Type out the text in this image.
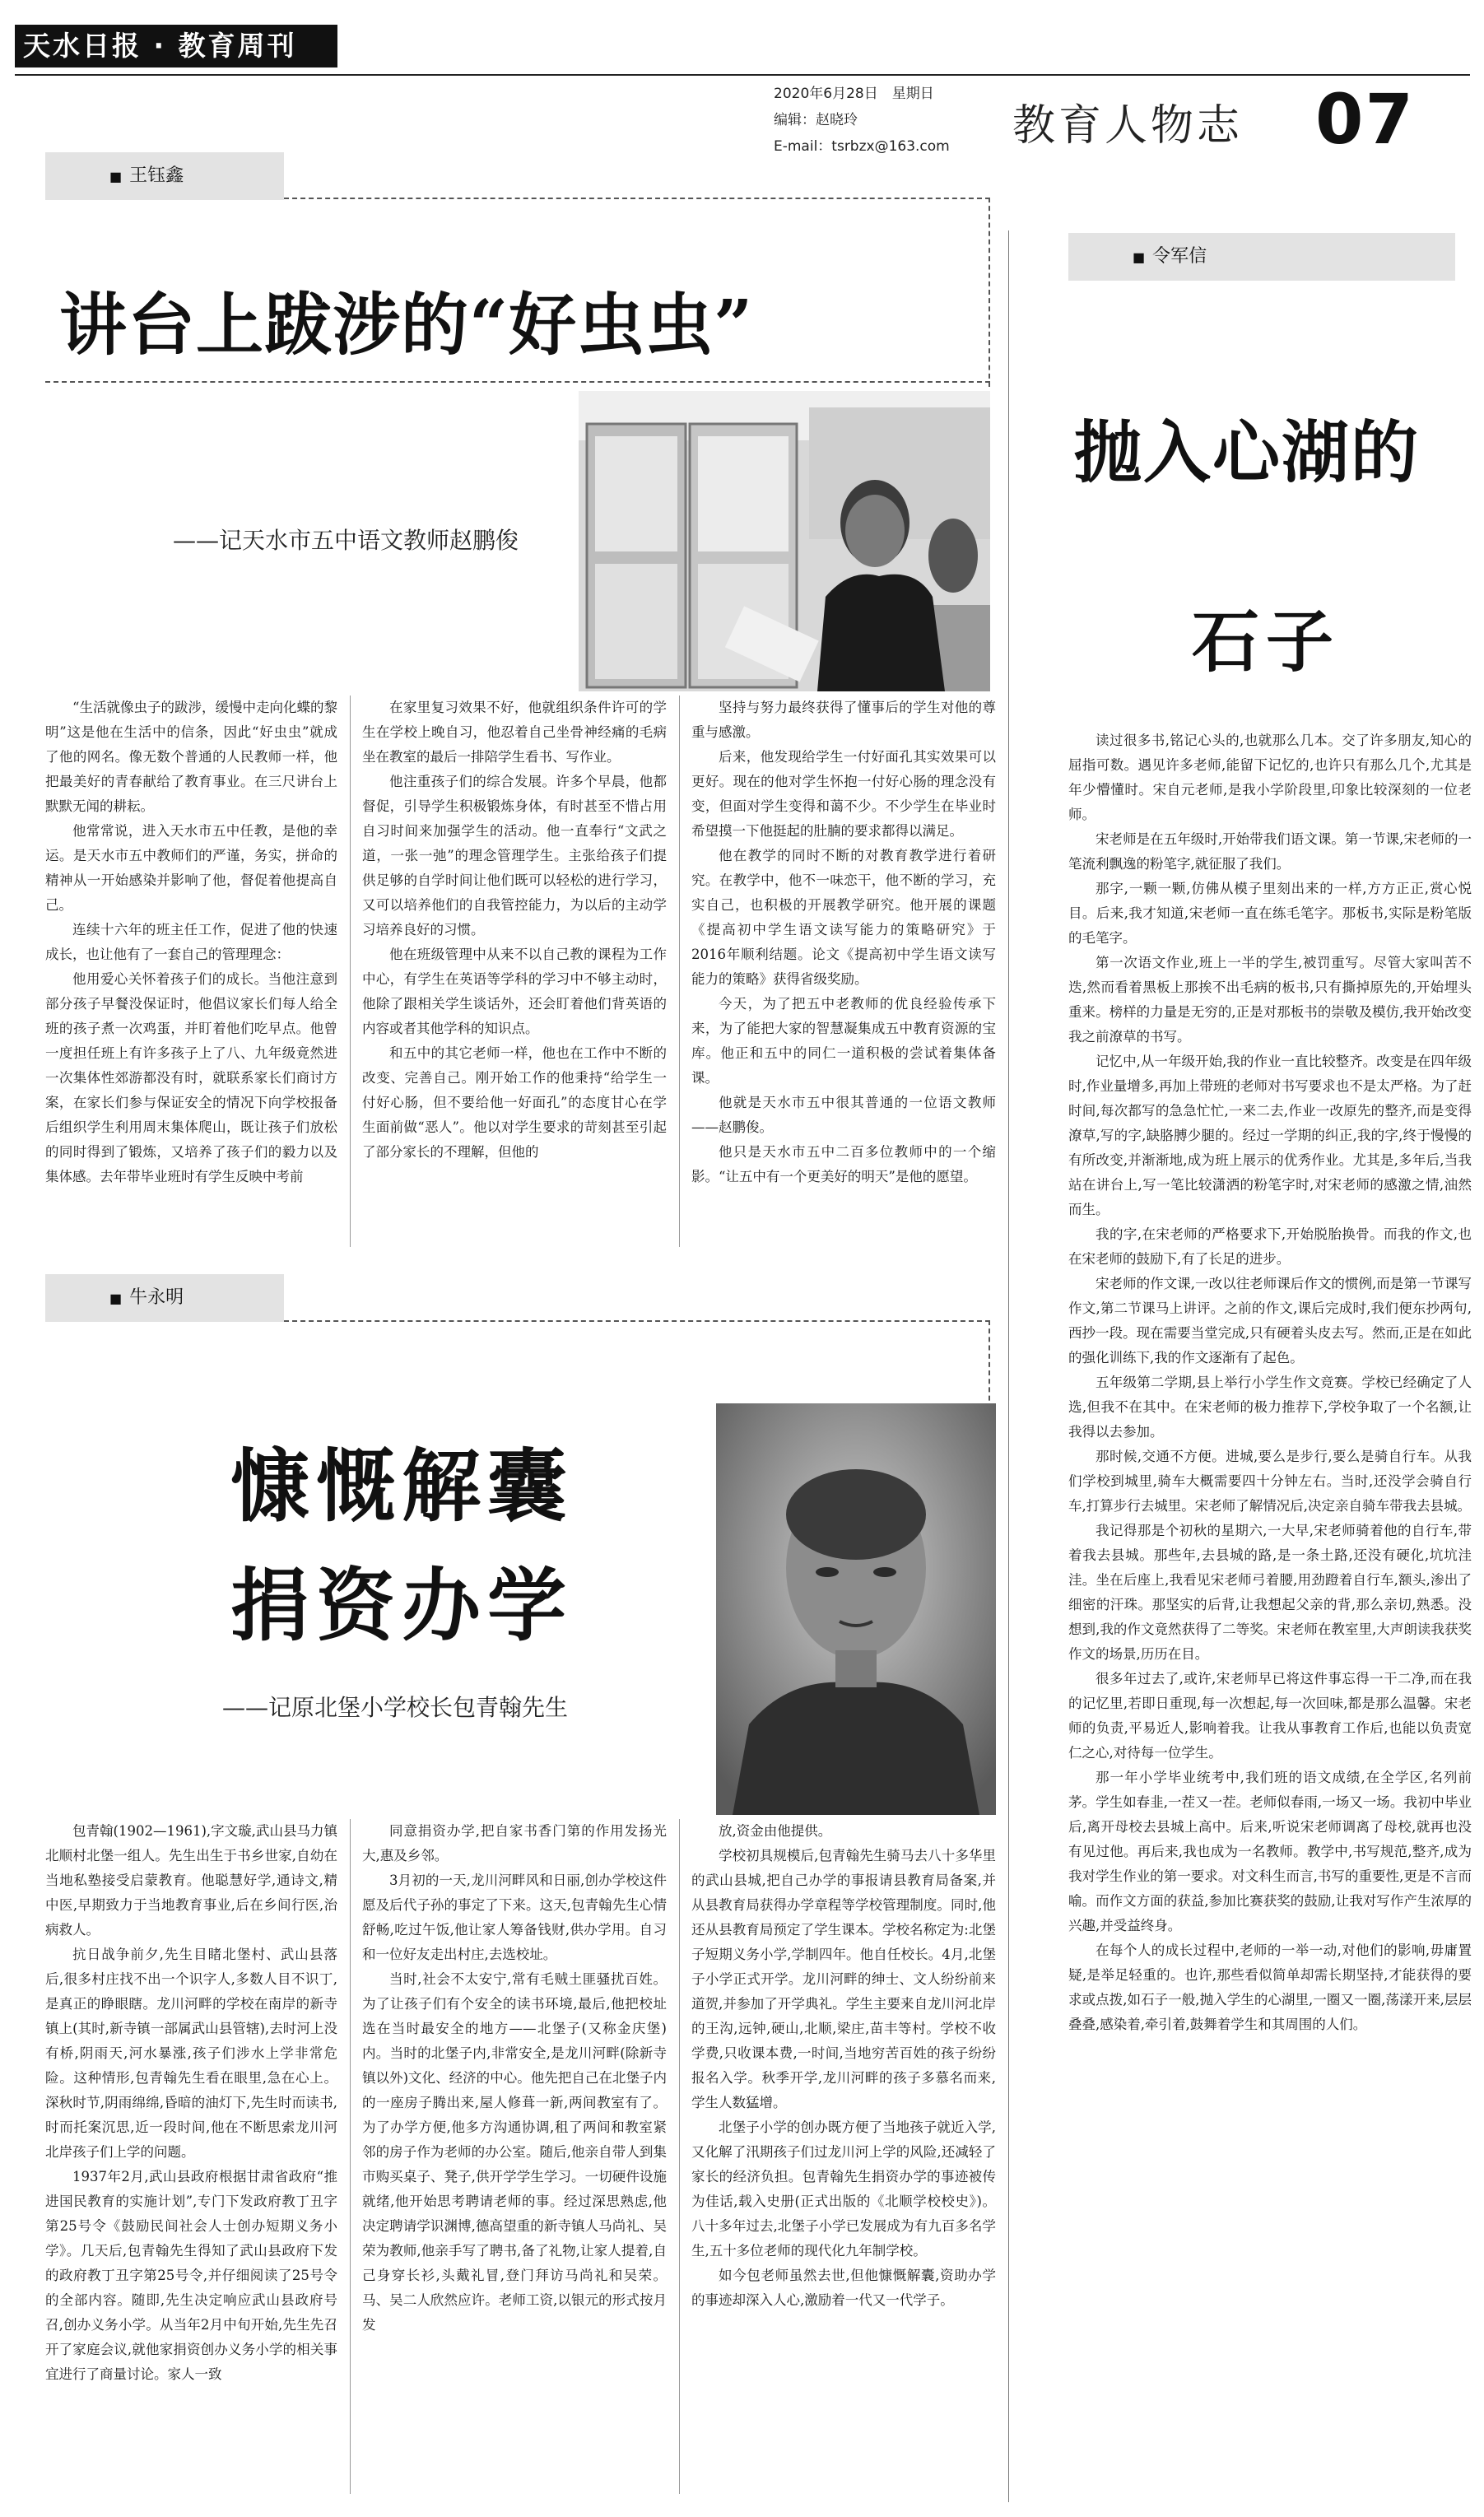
天水日报 · 教育周刊
2020年6月28日　星期日
编辑：赵晓玲
E-mail：tsrbzx@163.com 教育人物志 07
■ 王钰鑫
讲台上跋涉的“好虫虫”
——记天水市五中语文教师赵鹏俊

“生活就像虫子的跋涉，缓慢中走向化蝶的黎明”这是他在生活中的信条，因此“好虫虫”就成了他的网名。像无数个普通的人民教师一样，他把最美好的青春献给了教育事业。在三尺讲台上默默无闻的耕耘。

他常常说，进入天水市五中任教，是他的幸运。是天水市五中教师们的严谨，务实，拼命的精神从一开始感染并影响了他，督促着他提高自己。

连续十六年的班主任工作，促进了他的快速成长，也让他有了一套自己的管理理念：

他用爱心关怀着孩子们的成长。当他注意到部分孩子早餐没保证时，他倡议家长们每人给全班的孩子煮一次鸡蛋，并盯着他们吃早点。他曾一度担任班上有许多孩子上了八、九年级竟然进一次集体性郊游都没有时，就联系家长们商讨方案，在家长们参与保证安全的情况下向学校报备后组织学生利用周末集体爬山，既让孩子们放松的同时得到了锻炼，又培养了孩子们的毅力以及集体感。去年带毕业班时有学生反映中考前

在家里复习效果不好，他就组织条件许可的学生在学校上晚自习，他忍着自己坐骨神经痛的毛病坐在教室的最后一排陪学生看书、写作业。

他注重孩子们的综合发展。许多个早晨，他都督促，引导学生积极锻炼身体，有时甚至不惜占用自习时间来加强学生的活动。他一直奉行“文武之道，一张一弛”的理念管理学生。主张给孩子们提供足够的自学时间让他们既可以轻松的进行学习，又可以培养他们的自我管控能力，为以后的主动学习培养良好的习惯。

他在班级管理中从来不以自己教的课程为工作中心，有学生在英语等学科的学习中不够主动时，他除了跟相关学生谈话外，还会盯着他们背英语的内容或者其他学科的知识点。

和五中的其它老师一样，他也在工作中不断的改变、完善自己。刚开始工作的他秉持“给学生一付好心肠，但不要给他一好面孔”的态度甘心在学生面前做“恶人”。他以对学生要求的苛刻甚至引起了部分家长的不理解，但他的

坚持与努力最终获得了懂事后的学生对他的尊重与感激。

后来，他发现给学生一付好面孔其实效果可以更好。现在的他对学生怀抱一付好心肠的理念没有变，但面对学生变得和蔼不少。不少学生在毕业时希望摸一下他挺起的肚腩的要求都得以满足。

他在教学的同时不断的对教育教学进行着研究。在教学中，他不一味恋干，他不断的学习，充实自己，也积极的开展教学研究。他开展的课题《提高初中学生语文读写能力的策略研究》于2016年顺利结题。论文《提高初中学生语文读写能力的策略》获得省级奖励。

今天，为了把五中老教师的优良经验传承下来，为了能把大家的智慧凝集成五中教育资源的宝库。他正和五中的同仁一道积极的尝试着集体备课。

他就是天水市五中很其普通的一位语文教师——赵鹏俊。

他只是天水市五中二百多位教师中的一个缩影。“让五中有一个更美好的明天”是他的愿望。

■ 牛永明
慷慨解囊
捐资办学
——记原北堡小学校长包青翰先生

包青翰(1902—1961),字文璇,武山县马力镇北顺村北堡一组人。先生出生于书乡世家,自幼在当地私塾接受启蒙教育。他聪慧好学,通诗文,精中医,早期致力于当地教育事业,后在乡间行医,治病救人。

抗日战争前夕,先生目睹北堡村、武山县落后,很多村庄找不出一个识字人,多数人目不识丁,是真正的睁眼瞎。龙川河畔的学校在南岸的新寺镇上(其时,新寺镇一部属武山县管辖),去时河上没有桥,阴雨天,河水暴涨,孩子们涉水上学非常危险。这种情形,包青翰先生看在眼里,急在心上。深秋时节,阴雨绵绵,昏暗的油灯下,先生时而读书,时而托案沉思,近一段时间,他在不断思索龙川河北岸孩子们上学的问题。

1937年2月,武山县政府根据甘肃省政府“推进国民教育的实施计划”,专门下发政府教丁丑字第25号令《鼓励民间社会人士创办短期义务小学》。几天后,包青翰先生得知了武山县政府下发的政府教丁丑字第25号令,并仔细阅读了25号令的全部内容。随即,先生决定响应武山县政府号召,创办义务小学。从当年2月中旬开始,先生先召开了家庭会议,就他家捐资创办义务小学的相关事宜进行了商量讨论。家人一致

同意捐资办学,把自家书香门第的作用发扬光大,惠及乡邻。

3月初的一天,龙川河畔风和日丽,创办学校这件愿及后代子孙的事定了下来。这天,包青翰先生心情舒畅,吃过午饭,他让家人筹备钱财,供办学用。自习和一位好友走出村庄,去选校址。

当时,社会不太安宁,常有毛贼土匪骚扰百姓。为了让孩子们有个安全的读书环境,最后,他把校址选在当时最安全的地方——北堡子(又称金庆堡)内。当时的北堡子内,非常安全,是龙川河畔(除新寺镇以外)文化、经济的中心。他先把自己在北堡子内的一座房子腾出来,屋人修葺一新,两间教室有了。为了办学方便,他多方沟通协调,租了两间和教室紧邻的房子作为老师的办公室。随后,他亲自带人到集市购买桌子、凳子,供开学学生学习。一切硬件设施就绪,他开始思考聘请老师的事。经过深思熟虑,他决定聘请学识渊博,德高望重的新寺镇人马尚礼、吴荣为教师,他亲手写了聘书,备了礼物,让家人提着,自己身穿长衫,头戴礼冒,登门拜访马尚礼和吴荣。马、吴二人欣然应许。老师工资,以银元的形式按月发

放,资金由他提供。

学校初具规模后,包青翰先生骑马去八十多华里的武山县城,把自己办学的事报请县教育局备案,并从县教育局获得办学章程等学校管理制度。同时,他还从县教育局预定了学生课本。学校名称定为:北堡子短期义务小学,学制四年。他自任校长。4月,北堡子小学正式开学。龙川河畔的绅士、文人纷纷前来道贺,并参加了开学典礼。学生主要来自龙川河北岸的王沟,远钟,硬山,北顺,梁庄,苗丰等村。学校不收学费,只收课本费,一时间,当地穷苦百姓的孩子纷纷报名入学。秋季开学,龙川河畔的孩子多慕名而来,学生人数猛增。

北堡子小学的创办既方便了当地孩子就近入学,又化解了汛期孩子们过龙川河上学的风险,还减轻了家长的经济负担。包青翰先生捐资办学的事迹被传为佳话,载入史册(正式出版的《北顺学校校史》)。八十多年过去,北堡子小学已发展成为有九百多名学生,五十多位老师的现代化九年制学校。

如今包老师虽然去世,但他慷慨解囊,资助办学的事迹却深入人心,激励着一代又一代学子。

■ 令军信
抛入心湖的
石子

读过很多书,铭记心头的,也就那么几本。交了许多朋友,知心的屈指可数。遇见许多老师,能留下记忆的,也许只有那么几个,尤其是年少懵懂时。宋自元老师,是我小学阶段里,印象比较深刻的一位老师。

宋老师是在五年级时,开始带我们语文课。第一节课,宋老师的一笔流利飘逸的粉笔字,就征服了我们。

那字,一颗一颗,仿佛从模子里刻出来的一样,方方正正,赏心悦目。后来,我才知道,宋老师一直在练毛笔字。那板书,实际是粉笔版的毛笔字。

第一次语文作业,班上一半的学生,被罚重写。尽管大家叫苦不迭,然而看着黑板上那挨不出毛病的板书,只有撕掉原先的,开始埋头重来。榜样的力量是无穷的,正是对那板书的崇敬及模仿,我开始改变我之前潦草的书写。

记忆中,从一年级开始,我的作业一直比较整齐。改变是在四年级时,作业量增多,再加上带班的老师对书写要求也不是太严格。为了赶时间,每次都写的急急忙忙,一来二去,作业一改原先的整齐,而是变得潦草,写的字,缺胳膊少腿的。经过一学期的纠正,我的字,终于慢慢的有所改变,并渐渐地,成为班上展示的优秀作业。尤其是,多年后,当我站在讲台上,写一笔比较潇洒的粉笔字时,对宋老师的感激之情,油然而生。

我的字,在宋老师的严格要求下,开始脱胎换骨。而我的作文,也在宋老师的鼓励下,有了长足的进步。

宋老师的作文课,一改以往老师课后作文的惯例,而是第一节课写作文,第二节课马上讲评。之前的作文,课后完成时,我们便东抄两句,西抄一段。现在需要当堂完成,只有硬着头皮去写。然而,正是在如此的强化训练下,我的作文逐渐有了起色。

五年级第二学期,县上举行小学生作文竞赛。学校已经确定了人选,但我不在其中。在宋老师的极力推荐下,学校争取了一个名额,让我得以去参加。

那时候,交通不方便。进城,要么是步行,要么是骑自行车。从我们学校到城里,骑车大概需要四十分钟左右。当时,还没学会骑自行车,打算步行去城里。宋老师了解情况后,决定亲自骑车带我去县城。

我记得那是个初秋的星期六,一大早,宋老师骑着他的自行车,带着我去县城。那些年,去县城的路,是一条土路,还没有硬化,坑坑洼洼。坐在后座上,我看见宋老师弓着腰,用劲蹬着自行车,额头,渗出了细密的汗珠。那坚实的后背,让我想起父亲的背,那么亲切,熟悉。没想到,我的作文竟然获得了二等奖。宋老师在教室里,大声朗读我获奖作文的场景,历历在目。

很多年过去了,或许,宋老师早已将这件事忘得一干二净,而在我的记忆里,若即日重现,每一次想起,每一次回味,都是那么温馨。宋老师的负责,平易近人,影响着我。让我从事教育工作后,也能以负责宽仁之心,对待每一位学生。

那一年小学毕业统考中,我们班的语文成绩,在全学区,名列前茅。学生如春韭,一茬又一茬。老师似春雨,一场又一场。我初中毕业后,离开母校去县城上高中。后来,听说宋老师调离了母校,就再也没有见过他。再后来,我也成为一名教师。教学中,书写规范,整齐,成为我对学生作业的第一要求。对文科生而言,书写的重要性,更是不言而喻。而作文方面的获益,参加比赛获奖的鼓励,让我对写作产生浓厚的兴趣,并受益终身。

在每个人的成长过程中,老师的一举一动,对他们的影响,毋庸置疑,是举足轻重的。也许,那些看似简单却需长期坚持,才能获得的要求或点拨,如石子一般,抛入学生的心湖里,一圈又一圈,荡漾开来,层层叠叠,感染着,牵引着,鼓舞着学生和其周围的人们。
